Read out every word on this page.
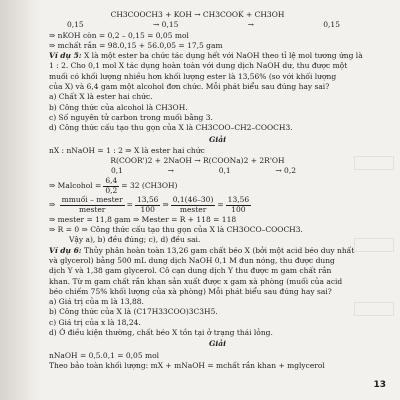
CH3COOCH3 + KOH → CH3COOK + CH3OH
0,15	→ 0,15	→	0,15
⇒ nKOH còn = 0,2 – 0,15 = 0,05 mol
⇒ mchất rắn = 98.0,15 + 56.0,05 = 17,5 gam
Ví dụ 5: X là một ester ba chức tác dụng hết với NaOH theo tỉ lệ mol tương ứng là
1 : 2. Cho 0,1 mol X tác dụng hoàn toàn với dung dịch NaOH dư, thu được một
muối có khối lượng nhiều hơn khối lượng ester là 13,56% (so với khối lượng
của X) và 6,4 gam một alcohol đơn chức. Mỗi phát biểu sau đúng hay sai?
a) Chất X là ester hai chức.
b) Công thức của alcohol là CH3OH.
c) Số nguyên tử carbon trong muối bằng 3.
d) Công thức cấu tạo thu gọn của X là CH3COO–CH2–COOCH3.
Giải
nX : nNaOH = 1 : 2 ⇒ X là ester hai chức
R(COOR')2 + 2NaOH → R(COONa)2 + 2R'OH
0,1	→	0,1	→ 0,2
⇒ Malcohol = $\frac{6,4}{0,2} = 32$ (CH3OH)
⇒ $\frac{\text{mmuối – mester}}{\text{mester}} = \frac{13,56}{100}$ ⇒ $\frac{0,1(46-30)}{\text{mester}} = \frac{13,56}{100}$
⇒ mester = 11,8 gam ⇒ Mester = R + 118 = 118
⇒ R = 0 ⇒ Công thức cấu tạo thu gọn của X là CH3OCO–COOCH3.
Vậy a), b) đều đúng; c), d) đều sai.
Ví dụ 6: Thủy phân hoàn toàn 13,26 gam chất béo X (bởi một acid béo duy nhất
và glycerol) bằng 500 mL dung dịch NaOH 0,1 M đun nóng, thu được dung
dịch Y và 1,38 gam glycerol. Cô cạn dung dịch Y thu được m gam chất rắn
khan. Từ m gam chất rắn khan sản xuất được x gam xà phòng (muối của acid
béo chiếm 75% khối lượng của xà phòng) Mỗi phát biểu sau đúng hay sai?
a) Giá trị của m là 13,88.
b) Công thức của X là (C17H33COO)3C3H5.
c) Giá trị của x là 18,24.
d) Ở điều kiện thường, chất béo X tồn tại ở trạng thái lỏng.
Giải
nNaOH = 0,5.0,1 = 0,05 mol
Theo bảo toàn khối lượng: mX + mNaOH = mchất rắn khan + mglycerol
13
